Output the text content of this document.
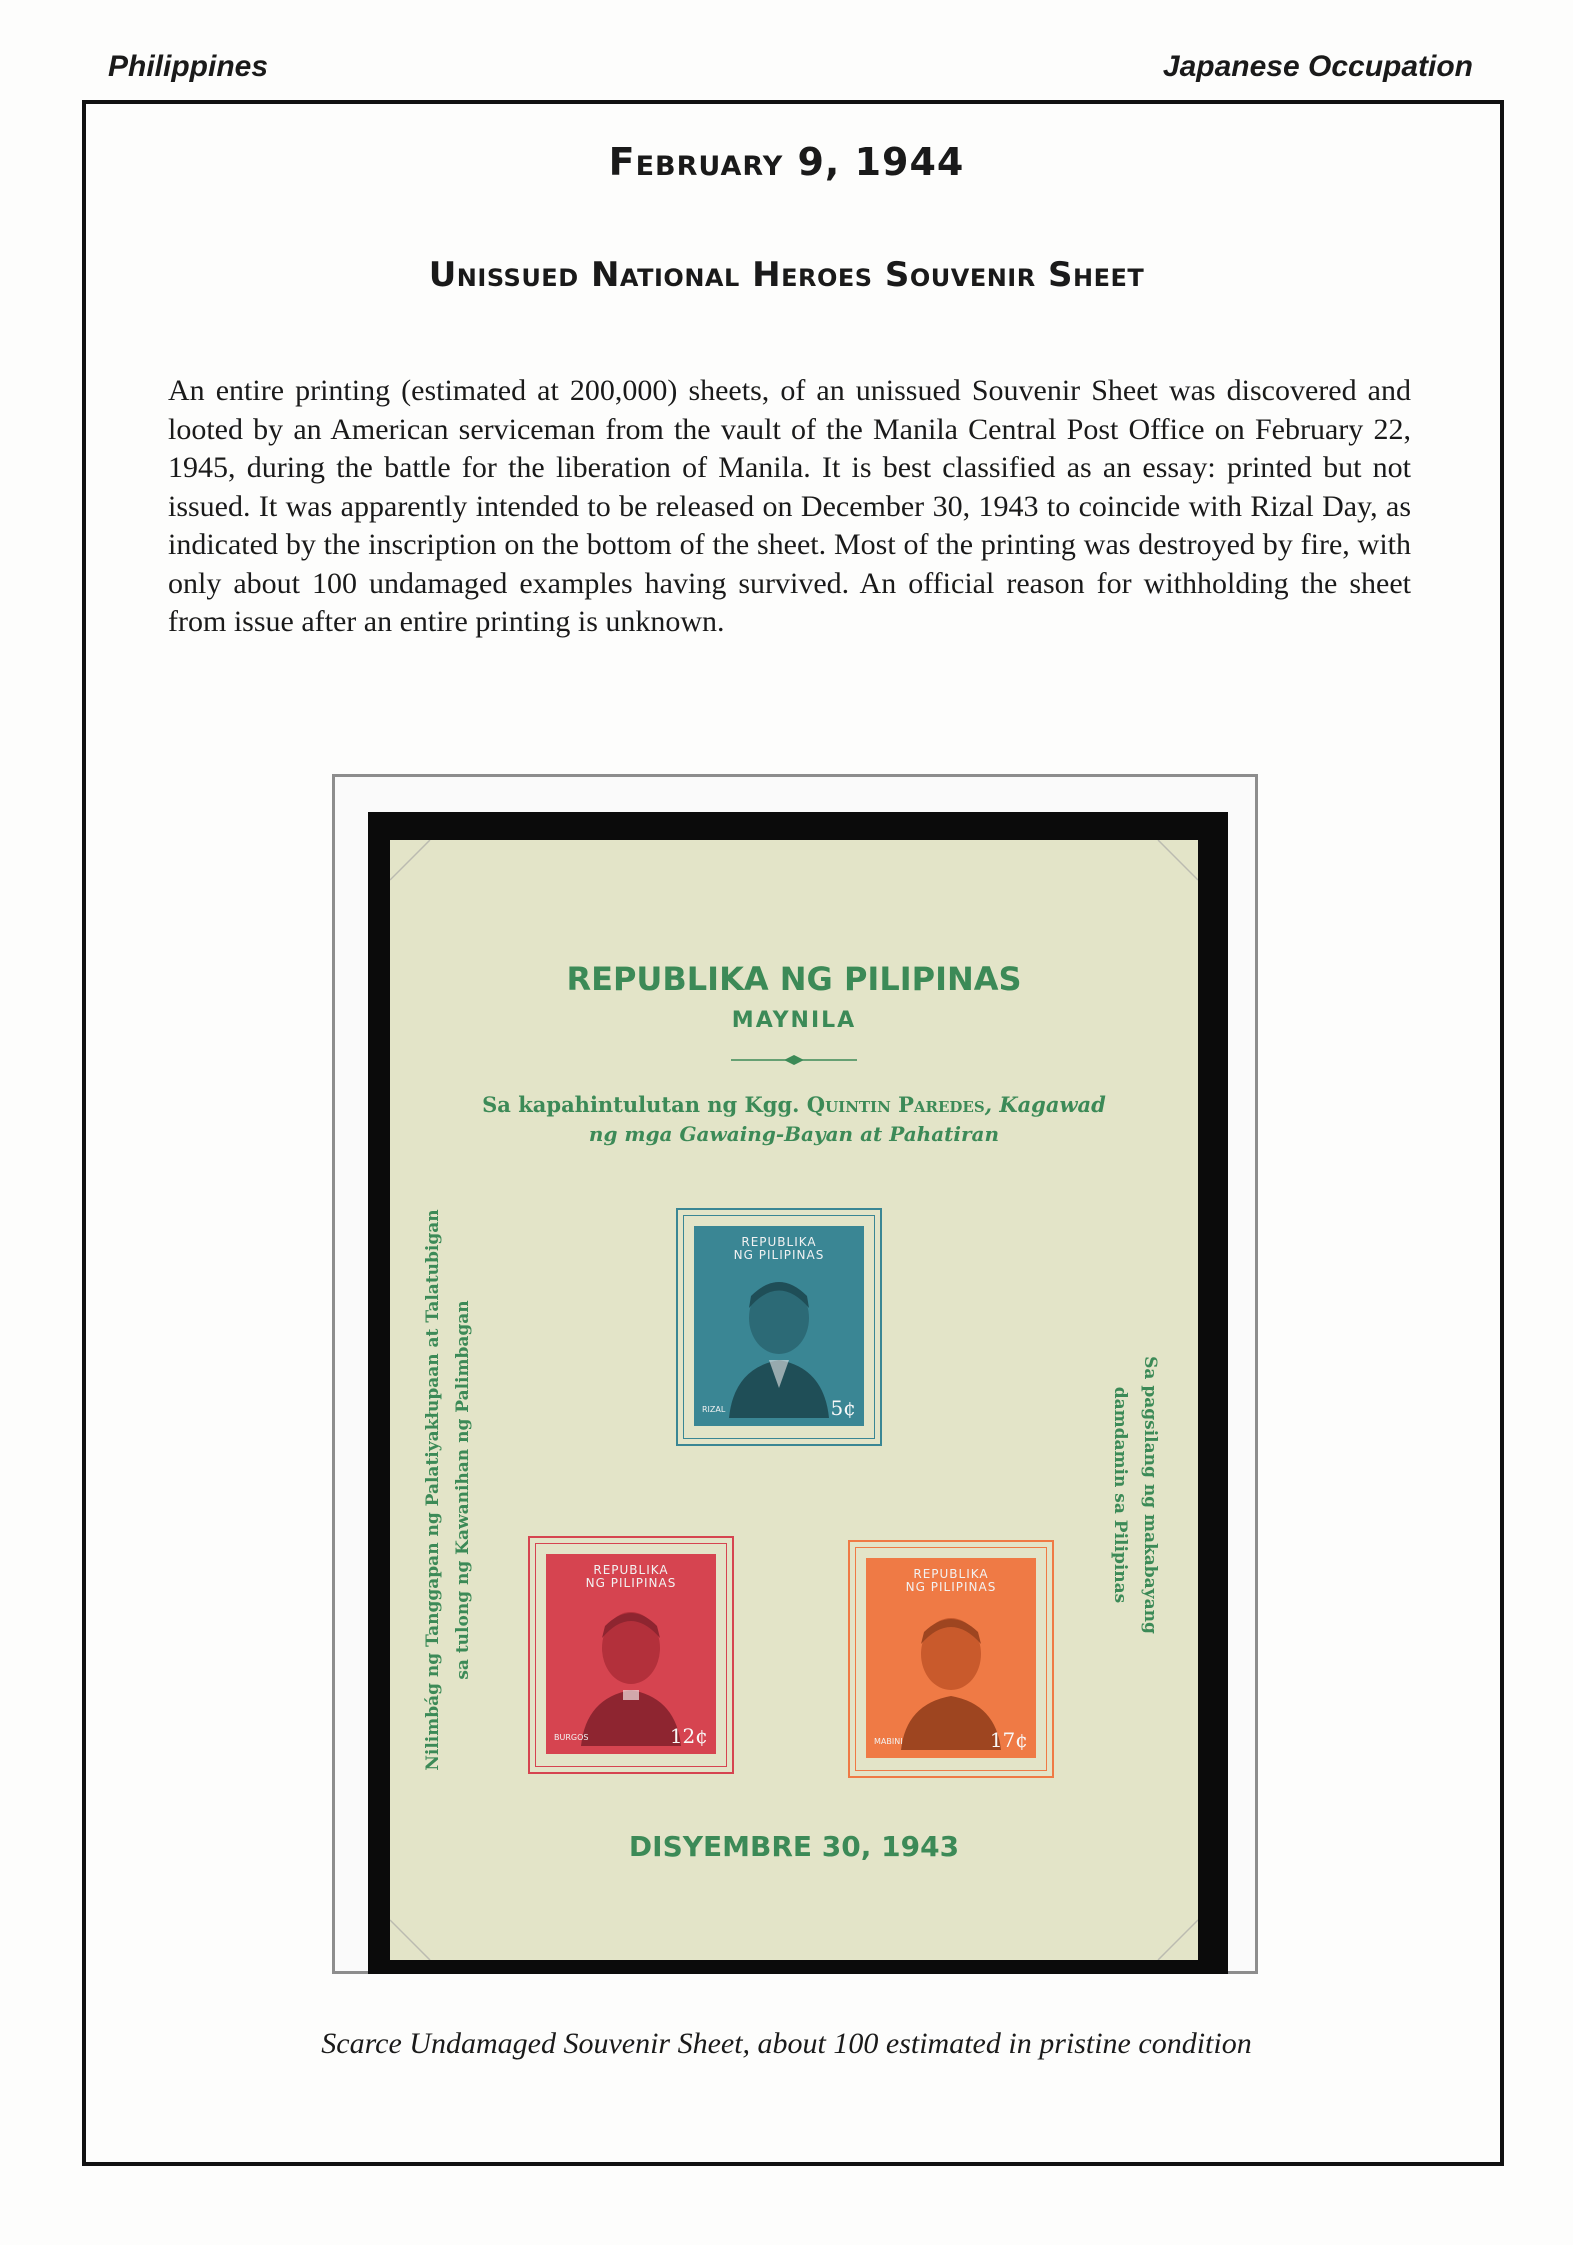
Philippines	Japanese Occupation
February 9, 1944
Unissued National Heroes Souvenir Sheet
An entire printing (estimated at 200,000) sheets, of an unissued Souvenir Sheet was discovered and looted by an American serviceman from the vault of the Manila Central Post Office on February 22, 1945, during the battle for the liberation of Manila. It is best classified as an essay: printed but not issued. It was apparently intended to be released on December 30, 1943 to coincide with Rizal Day, as indicated by the inscription on the bottom of the sheet. Most of the printing was destroyed by fire, with only about 100 undamaged examples having survived. An official reason for withholding the sheet from issue after an entire printing is unknown.
REPUBLIKA NG PILIPINAS
MAYNILA
Sa kapahintulutan ng Kgg. Quintin Paredes, Kagawad
ng mga Gawaing-Bayan at Pahatiran
Nilimbág ng Tanggapan ng Palatiyakłupaan at Talatubigan sa tulong ng Kawanihan ng Palimbagan	Sa pagsilang ng makabayang
damdamin sa Pilipinas
REPUBLIKA
NG PILIPINAS
RIZAL	5¢
REPUBLIKA
NG PILIPINAS
BURGOS	12¢
REPUBLIKA
NG PILIPINAS
MABINI	17¢
DISYEMBRE 30, 1943
Scarce Undamaged Souvenir Sheet, about 100 estimated in pristine condition
